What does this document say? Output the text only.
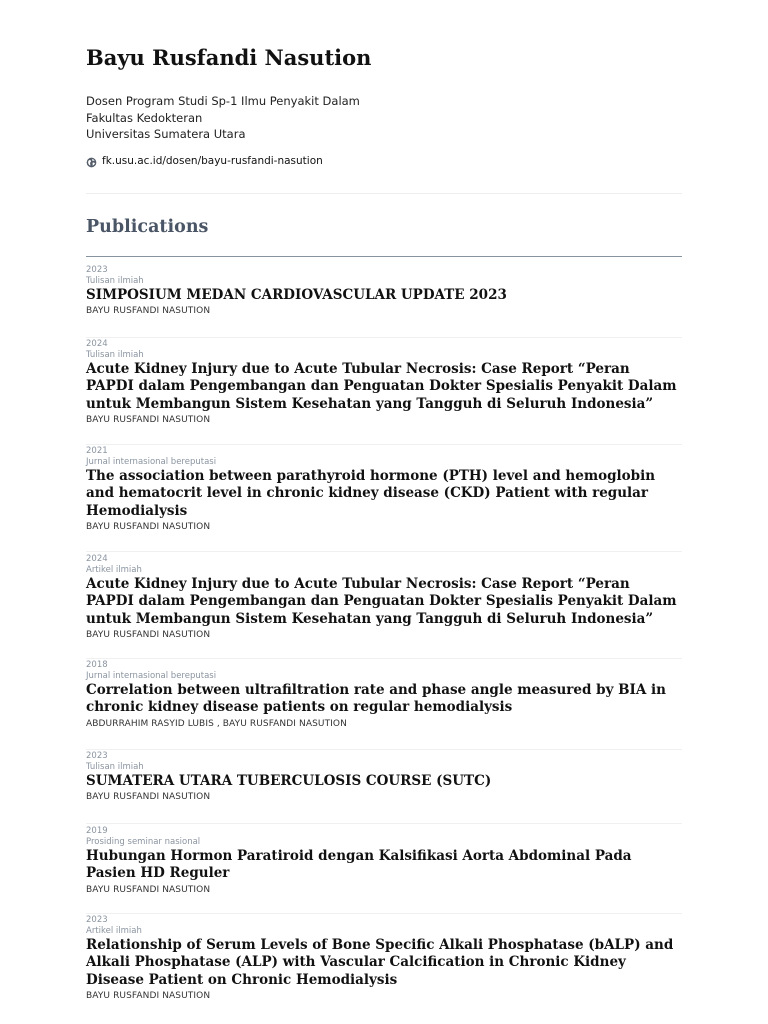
Bayu Rusfandi Nasution
Dosen Program Studi Sp-1 Ilmu Penyakit Dalam
Fakultas Kedokteran
Universitas Sumatera Utara
fk.usu.ac.id/dosen/bayu-rusfandi-nasution
Publications
2023
Tulisan ilmiah
SIMPOSIUM MEDAN CARDIOVASCULAR UPDATE 2023
BAYU RUSFANDI NASUTION
2024
Tulisan ilmiah
Acute Kidney Injury due to Acute Tubular Necrosis: Case Report “Peran PAPDI dalam Pengembangan dan Penguatan Dokter Spesialis Penyakit Dalam untuk Membangun Sistem Kesehatan yang Tangguh di Seluruh Indonesia”
BAYU RUSFANDI NASUTION
2021
Jurnal internasional bereputasi
The association between parathyroid hormone (PTH) level and hemoglobin and hematocrit level in chronic kidney disease (CKD) Patient with regular Hemodialysis
BAYU RUSFANDI NASUTION
2024
Artikel ilmiah
Acute Kidney Injury due to Acute Tubular Necrosis: Case Report “Peran PAPDI dalam Pengembangan dan Penguatan Dokter Spesialis Penyakit Dalam untuk Membangun Sistem Kesehatan yang Tangguh di Seluruh Indonesia”
BAYU RUSFANDI NASUTION
2018
Jurnal internasional bereputasi
Correlation between ultrafiltration rate and phase angle measured by BIA in chronic kidney disease patients on regular hemodialysis
ABDURRAHIM RASYID LUBIS , BAYU RUSFANDI NASUTION
2023
Tulisan ilmiah
SUMATERA UTARA TUBERCULOSIS COURSE (SUTC)
BAYU RUSFANDI NASUTION
2019
Prosiding seminar nasional
Hubungan Hormon Paratiroid dengan Kalsifikasi Aorta Abdominal Pada Pasien HD Reguler
BAYU RUSFANDI NASUTION
2023
Artikel ilmiah
Relationship of Serum Levels of Bone Specific Alkali Phosphatase (bALP) and Alkali Phosphatase (ALP) with Vascular Calcification in Chronic Kidney Disease Patient on Chronic Hemodialysis
BAYU RUSFANDI NASUTION
